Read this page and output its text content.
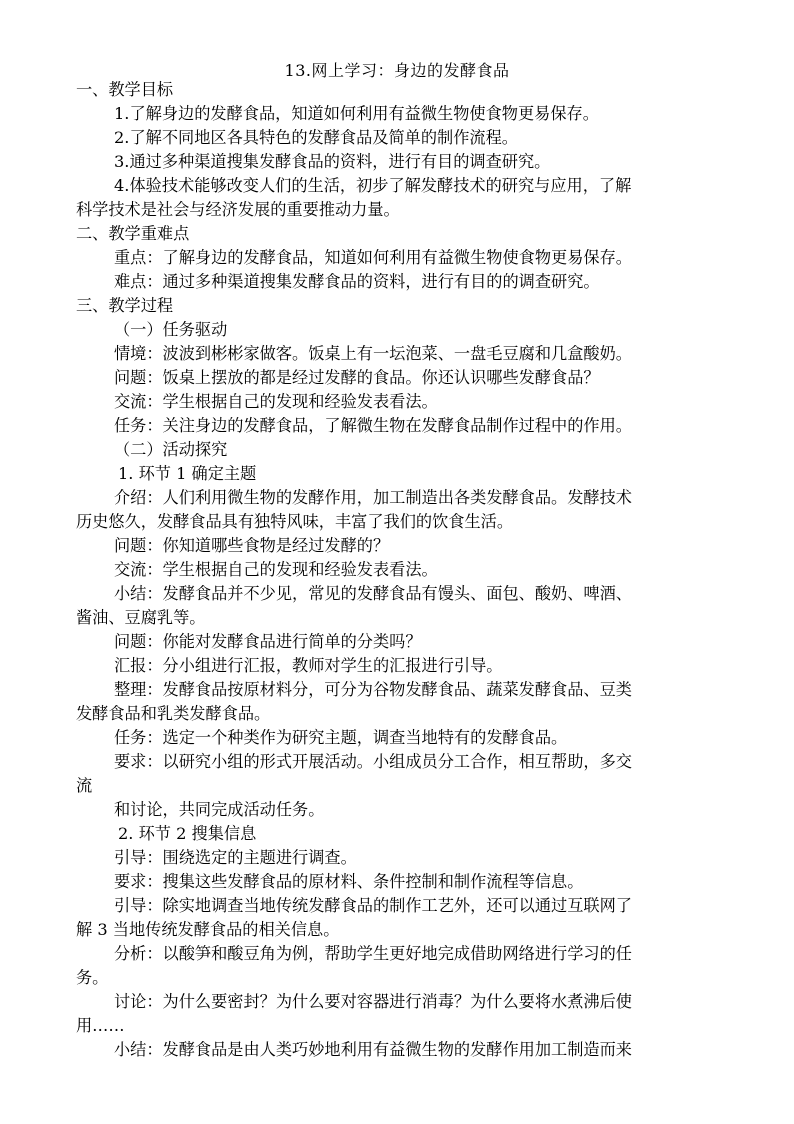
13.网上学习：身边的发酵食品
一、教学目标
1.了解身边的发酵食品，知道如何利用有益微生物使食物更易保存。
2.了解不同地区各具特色的发酵食品及简单的制作流程。
3.通过多种渠道搜集发酵食品的资料，进行有目的调查研究。
4.体验技术能够改变人们的生活，初步了解发酵技术的研究与应用，了解
科学技术是社会与经济发展的重要推动力量。
二、教学重难点
重点：了解身边的发酵食品，知道如何利用有益微生物使食物更易保存。
难点：通过多种渠道搜集发酵食品的资料，进行有目的的调查研究。
三、教学过程
（一）任务驱动
情境：波波到彬彬家做客。饭桌上有一坛泡菜、一盘毛豆腐和几盒酸奶。
问题：饭桌上摆放的都是经过发酵的食品。你还认识哪些发酵食品？
交流：学生根据自己的发现和经验发表看法。
任务：关注身边的发酵食品，了解微生物在发酵食品制作过程中的作用。
（二）活动探究
1. 环节 1 确定主题
介绍：人们利用微生物的发酵作用，加工制造出各类发酵食品。发酵技术
历史悠久，发酵食品具有独特风味，丰富了我们的饮食生活。
问题：你知道哪些食物是经过发酵的？
交流：学生根据自己的发现和经验发表看法。
小结：发酵食品并不少见，常见的发酵食品有馒头、面包、酸奶、啤酒、
酱油、豆腐乳等。
问题：你能对发酵食品进行简单的分类吗？
汇报：分小组进行汇报，教师对学生的汇报进行引导。
整理：发酵食品按原材料分，可分为谷物发酵食品、蔬菜发酵食品、豆类
发酵食品和乳类发酵食品。
任务：选定一个种类作为研究主题，调查当地特有的发酵食品。
要求：以研究小组的形式开展活动。小组成员分工合作，相互帮助，多交
流
和讨论，共同完成活动任务。
2. 环节 2 搜集信息
引导：围绕选定的主题进行调查。
要求：搜集这些发酵食品的原材料、条件控制和制作流程等信息。
引导：除实地调查当地传统发酵食品的制作工艺外，还可以通过互联网了
解 3 当地传统发酵食品的相关信息。
分析：以酸笋和酸豆角为例，帮助学生更好地完成借助网络进行学习的任
务。
讨论：为什么要密封？为什么要对容器进行消毒？为什么要将水煮沸后使
用……
小结：发酵食品是由人类巧妙地利用有益微生物的发酵作用加工制造而来
